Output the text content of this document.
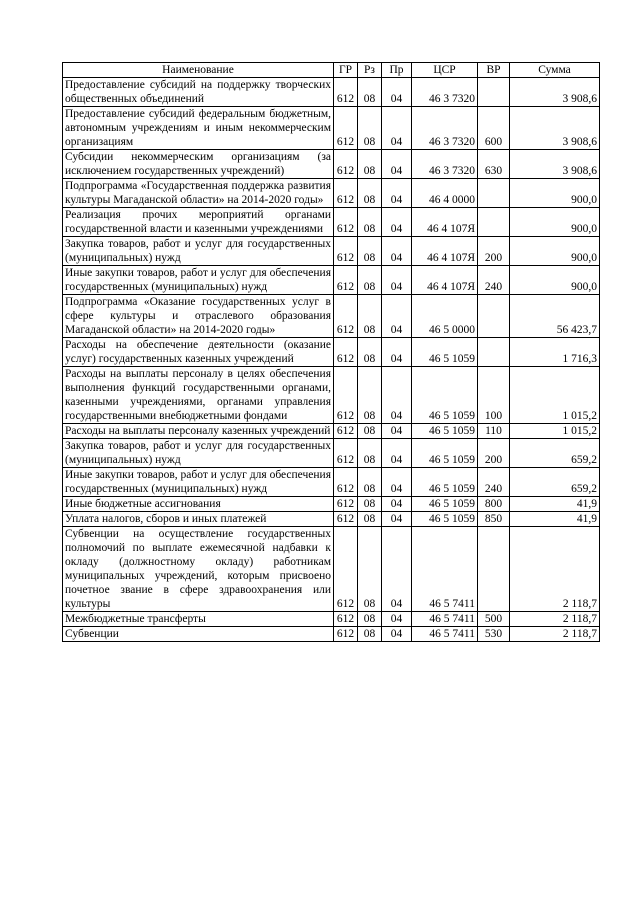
Наименование	ГР	Рз	Пр	ЦСР	ВР	Сумма
Предоставление субсидий на поддержку творческих общественных объединений	612	08	04	46 3 7320		3 908,6
Предоставление субсидий федеральным бюджетным, автономным учреждениям и иным некоммерческим организациям	612	08	04	46 3 7320	600	3 908,6
Субсидии некоммерческим организациям (за исключением государственных учреждений)	612	08	04	46 3 7320	630	3 908,6
Подпрограмма «Государственная поддержка развития культуры Магаданской области» на 2014-2020 годы»	612	08	04	46 4 0000		900,0
Реализация прочих мероприятий органами государственной власти и казенными учреждениями	612	08	04	46 4 107Я		900,0
Закупка товаров, работ и услуг для государственных (муниципальных) нужд	612	08	04	46 4 107Я	200	900,0
Иные закупки товаров, работ и услуг для обеспечения государственных (муниципальных) нужд	612	08	04	46 4 107Я	240	900,0
Подпрограмма «Оказание государственных услуг в сфере культуры и отраслевого образования Магаданской области» на 2014-2020 годы»	612	08	04	46 5 0000		56 423,7
Расходы на обеспечение деятельности (оказание услуг) государственных казенных учреждений	612	08	04	46 5 1059		1 716,3
Расходы на выплаты персоналу в целях обеспечения выполнения функций государственными органами, казенными учреждениями, органами управления государственными внебюджетными фондами	612	08	04	46 5 1059	100	1 015,2
Расходы на выплаты персоналу казенных учреждений	612	08	04	46 5 1059	110	1 015,2
Закупка товаров, работ и услуг для государственных (муниципальных) нужд	612	08	04	46 5 1059	200	659,2
Иные закупки товаров, работ и услуг для обеспечения государственных (муниципальных) нужд	612	08	04	46 5 1059	240	659,2
Иные бюджетные ассигнования	612	08	04	46 5 1059	800	41,9
Уплата налогов, сборов и иных платежей	612	08	04	46 5 1059	850	41,9
Субвенции на осуществление государственных полномочий по выплате ежемесячной надбавки к окладу (должностному окладу) работникам муниципальных учреждений, которым присвоено почетное звание в сфере здравоохранения или культуры	612	08	04	46 5 7411		2 118,7
Межбюджетные трансферты	612	08	04	46 5 7411	500	2 118,7
Субвенции	612	08	04	46 5 7411	530	2 118,7
